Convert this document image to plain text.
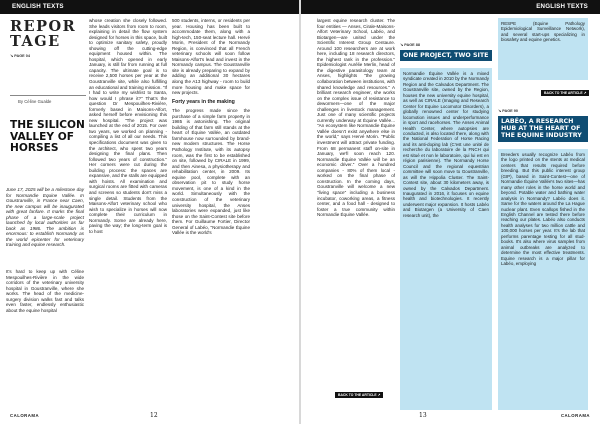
ENGLISH TEXTS
REPOR
TAGE
↘ PAGE 04
By Céline Gualde
THE SILICON VALLEY OF HORSES
June 17, 2025 will be a milestone day for Normandie Equine Vallée. In Goustranville, in France near Caen, the new campus will be inaugurated with great fanfare. It marks the final phase of a large-scale project launched by local authorities as far back as 1986. The ambition is enormous: to establish Normandy as the world epicenter for veterinary training and equine research.
It's hard to keep up with Céline Mespouilhes-Rivière in the wide corridors of the veterinary university hospital in Goustranville, where she works. The head of the medicine-surgery division walks fast and talks even faster, endlessly enthusiastic about the equine hospital

whose creation she closely followed. She leads visitors from room to room, explaining in detail the flow system designed for horses in this space, built to optimize sanitary safety, proudly showing off the cutting-edge equipment housed within. The hospital, which opened in early January, is still far from running at full capacity. The ultimate goal is to receive 2,500 horses per year at the Goustranville site, while also fulfilling an educational and training mission. "If I had to write my wishlist to Santa, how would I phrase it?" That's the question Dr Mespouilhes-Rivière, formerly based in Maisons-Alfort, asked herself before envisioning this new hospital. "The project was launched at the end of 2015. For over two years, we worked on planning - compiling a list of all our needs. This specifications document was given to the architect, who spent two years designing the final plans. Then followed two years of construction." Her corners were cut during the building process: the spaces are expansive, and the stalls are equipped with hoists. All examination and surgical rooms are fitted with cameras and screens so students don't miss a single detail. Students from the Maisons-Alfort veterinary school who wish to specialize in horses will now complete their curriculum in Normandy. Some are already here, paving the way; the long-term goal is to host

500 students, interns, or residents per year. Housing has been built to accommodate them, along with a high-tech, 150-seat lecture hall. Hervé Morin, President of the Normandy Region, is convinced that all French veterinary schools will soon follow Maisons-Alfort's lead and invest in the Normandy campus. The Goustranville site is already preparing to expand by adding an additional 30 hectares along the A13 highway - room to build more housing and make space for new projects.

Forty years in the making

The progress made since the purchase of a simple farm property in 1985 is astonishing. The original building of that farm still stands at the heart of Équine Vallée, an outdated farmhouse now surrounded by brand-new modern structures. The Horse Pathology Institute, with its autopsy room, was the first to be established on site, followed by CIRALE in 1999, and then Ainesa, a physiotherapy and rehabilitation center, in 2009. Its equine pool, complete with an observation pit to study horse movement, is one of a kind in the world. Simultaneously with the construction of the veterinary university hospital, the Anses laboratories were expanded, just like those on the Saint-Contest site before them. For Guillaume Fortier, Director General of Labéo, "Normandie Équine Vallée is the world's

CALORAMA	12
ENGLISH TEXTS

largest equine research cluster. The four entities — Anses, Cirale-Maisons-Alfort Veterinary School, Labéo, and Biotargen—are united under the Scientific Interest Group Centaure. Around 100 researchers are at work here, including 18 research directors, the highest rank in the profession." Epidemiologist Aurélie Merlin, head of the digestive parasitology team at Anses, highlights "the growing collaboration between institutions, with shared knowledge and resources." A brilliant research engineer, she works on the complex issue of resistance to dewormers—one of the major challenges in livestock management. Just one of many scientific projects currently underway at Équine Vallée... "An ecosystem like Normandie Équine Vallée doesn't exist anywhere else in the world," says Hervé Morin. "Public investment will attract private funding. From 68 permanent staff on-site in January, we'll soon reach 120. Normandie Équine Vallée will be an economic driver." Over a hundred companies - 80% of them local - worked on the final phase of construction. In the coming days, Goustranville will welcome a new "living space" including a business incubator, coworking areas, a fitness center, and a food hall - designed to foster a true community within Normandie Équine Vallée.

BACK TO THE ARTICLE ↗
↘ PAGE 88
ONE PROJECT, TWO SITE
Normandie Équine Vallée is a mixed syndicate created in 2010 by the Normandy Region and the Calvados Department. The Goustranville site, owned by the Region, houses the new university equine hospital, as well as CIRALE (Imaging and Research Center for Equine Locomotor Disorders), a globally renowned center for studying locomotion issues and underperformance in sport and racehorses. The Anses Animal Health Center, where autopsies are conducted, is also located there, along with the National Federation of Horse Racing and its anti-doping lab (C'est une unité de recherche du laboratoire de la FNCH qui est situé et non le laboratoire, qui lui est en région parisienne). The Normandy Horse Council and the regional equestrian committee will soon move to Goustranville, as will the Hippolia Cluster. The Saint-Contest site, about 30 kilometers away, is owned by the Calvados Department. Inaugurated in 2016, it focuses on equine health and biotechnologies. It recently underwent major expansion. It hosts Labéo and Biotargen (a University of Caen research unit), the
RESPE (Equine Pathology Epidemiological Surveillance Network), and several start-ups specializing in biosafety and equine genetics.
BACK TO THE ARTICLE ↗
↘ PAGE 90
LABÉO, A RESEARCH HUB AT THE HEART OF THE EQUINE INDUSTRY
Breeders usually recognize Labéo from the logo printed on the stents at medical centers that results required before breeding. But this public interest group (GIP), based in Saint-Contest—one of Normandie Équine Vallée's two sites—has many other roles in the horse world and beyond. Potable water and bathing water analysis in Normandy? Labéo does it. Same for the waters around the La Hague nuclear plant. Even scallops fished in the English Channel are tested there before reaching our plates. Labéo also conducts health analyses for two million cattle and 100,000 horses per year. It's the lab that performs parentage testing for all stud-books. It's also where virus samples from animal outbreaks are analyzed to determine the most effective treatments. Equine research is a major pillar for Labéo, employing
13	CALORAMA
